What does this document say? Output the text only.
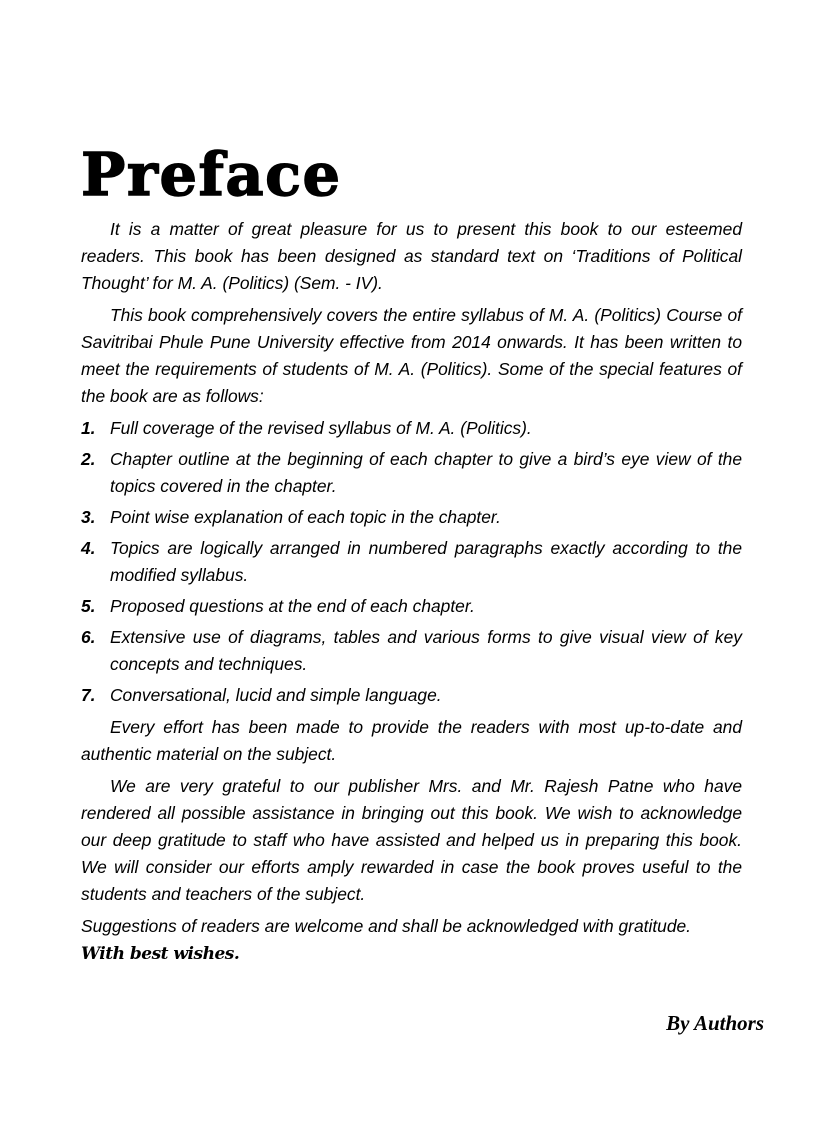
Preface

It is a matter of great pleasure for us to present this book to our esteemed readers. This book has been designed as standard text on ‘Traditions of Political Thought’ for M. A. (Politics) (Sem. - IV).

This book comprehensively covers the entire syllabus of M. A. (Politics) Course of Savitribai Phule Pune University effective from 2014 onwards. It has been written to meet the requirements of students of M. A. (Politics). Some of the special features of the book are as follows:

1. Full coverage of the revised syllabus of M. A. (Politics).
2. Chapter outline at the beginning of each chapter to give a bird’s eye view of the topics covered in the chapter.
3. Point wise explanation of each topic in the chapter.
4. Topics are logically arranged in numbered paragraphs exactly according to the modified syllabus.
5. Proposed questions at the end of each chapter.
6. Extensive use of diagrams, tables and various forms to give visual view of key concepts and techniques.
7. Conversational, lucid and simple language.

Every effort has been made to provide the readers with most up-to-date and authentic material on the subject.

We are very grateful to our publisher Mrs. and Mr. Rajesh Patne who have rendered all possible assistance in bringing out this book. We wish to acknowledge our deep gratitude to staff who have assisted and helped us in preparing this book. We will consider our efforts amply rewarded in case the book proves useful to the students and teachers of the subject.

Suggestions of readers are welcome and shall be acknowledged with gratitude.

With best wishes.

By Authors
